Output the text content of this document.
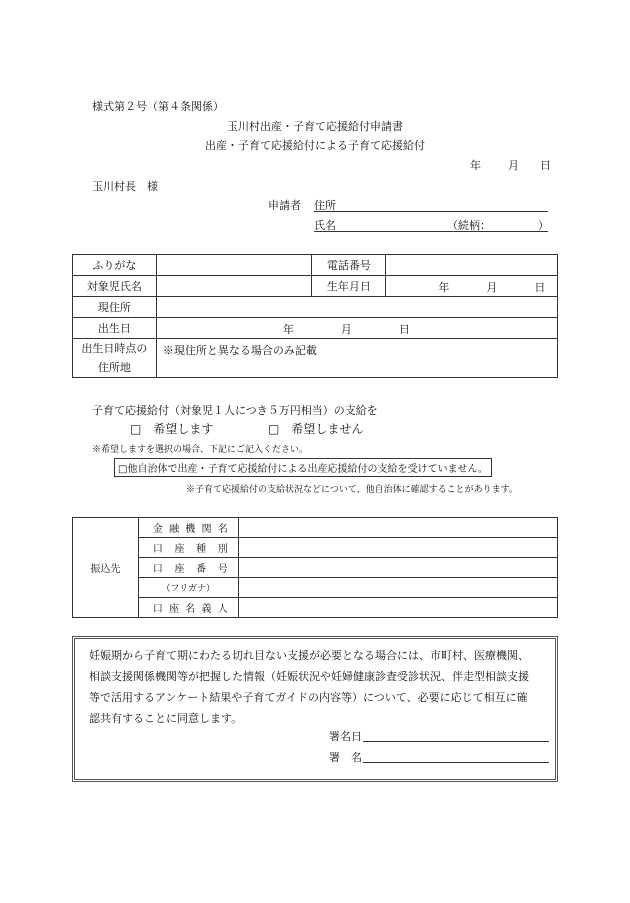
様式第２号（第４条関係）
玉川村出産・子育て応援給付申請書
出産・子育て応援給付による子育て応援給付
年 月 日
玉川村長　様
申請者 住所
氏名	（続柄：	）
ふりがな		電話番号	
対象児氏名		生年月日	年 月 日

現住所			
出生日	年 月 日		

出生日時点の
住所地	※現住所と異なる場合のみ記載		
子育て応援給付（対象児１人につき５万円相当）の支給を
□　希望します	□　希望しません
※希望しますを選択の場合、下記にご記入ください。
□他自治体で出産・子育て応援給付による出産応援給付の支給を受けていません。
※子育て応援給付の支給状況などについて、他自治体に確認することがあります。
振込先	金融機関名	
	口座種別	
	口座番号	
	（フリガナ）	
	口座名義人	
妊娠期から子育て期にわたる切れ目ない支援が必要となる場合には、市町村、医療機関、
相談支援関係機関等が把握した情報（妊娠状況や妊婦健康診査受診状況、伴走型相談支援
等で活用するアンケート結果や子育てガイドの内容等）について、必要に応じて相互に確
認共有することに同意します。
署名日
署　名
